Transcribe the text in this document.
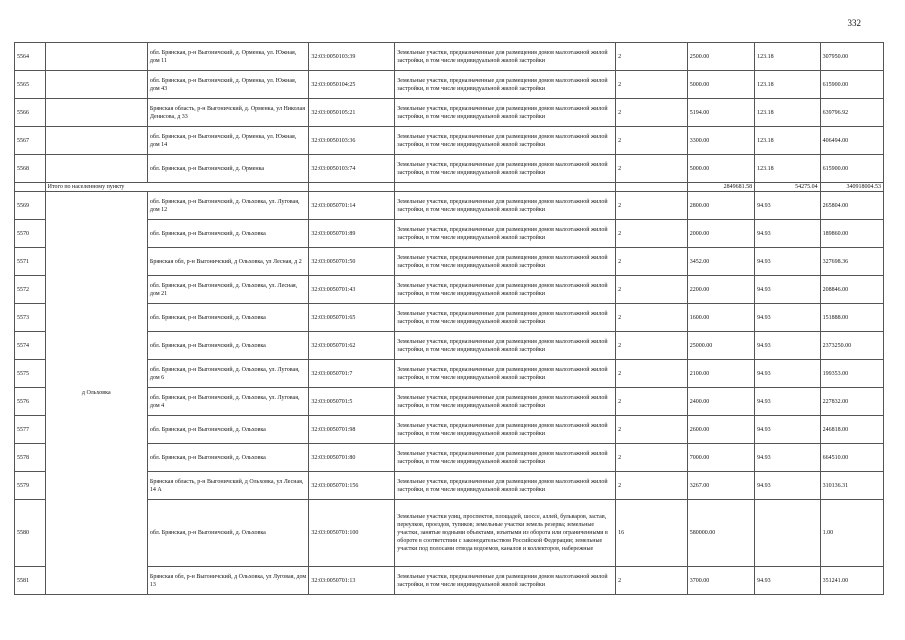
332
5564		обл. Брянская, р-н Выгоничский, д. Орменка, ул. Южная, дом 11	32:03:0050103:39	Земельные участки, предназначенные для размещения домов малоэтажной жилой застройки, в том числе индивидуальной жилой застройки	2	2500.00	123.18	307950.00
5565		обл. Брянская, р-н Выгоничский, д. Орменка, ул. Южная, дом 43	32:03:0050104:25	Земельные участки, предназначенные для размещения домов малоэтажной жилой застройки, в том числе индивидуальной жилой застройки	2	5000.00	123.18	615900.00
5566		Брянская область, р-н Выгоничский, д. Орменка, ул Николая Денисова, д 33	32:03:0050105:21	Земельные участки, предназначенные для размещения домов малоэтажной жилой застройки, в том числе индивидуальной жилой застройки	2	5194.00	123.18	639796.92
5567		обл. Брянская, р-н Выгоничский, д. Орменка, ул. Южная, дом 14	32:03:0050103:36	Земельные участки, предназначенные для размещения домов малоэтажной жилой застройки, в том числе индивидуальной жилой застройки	2	3300.00	123.18	406494.00
5568		обл. Брянская, р-н Выгоничский, д. Орменка	32:03:0050103:74	Земельные участки, предназначенные для размещения домов малоэтажной жилой застройки, в том числе индивидуальной жилой застройки	2	5000.00	123.18	615900.00
	Итого по населенному пункту					2849681.58	54275.04	340918004.53
5569	д Ольховка	обл. Брянская, р-н Выгоничский, д. Ольховка, ул. Луговая, дом 12	32:03:0050701:14	Земельные участки, предназначенные для размещения домов малоэтажной жилой застройки, в том числе индивидуальной жилой застройки	2	2800.00	94.93	265804.00
5570		обл. Брянская, р-н Выгоничский, д. Ольховка	32:03:0050701:89	Земельные участки, предназначенные для размещения домов малоэтажной жилой застройки, в том числе индивидуальной жилой застройки	2	2000.00	94.93	189860.00
5571		Брянская обл, р-н Выгоничский, д Ольховка, ул Лесная, д 2	32:03:0050701:50	Земельные участки, предназначенные для размещения домов малоэтажной жилой застройки, в том числе индивидуальной жилой застройки	2	3452.00	94.93	327698.36
5572		обл. Брянская, р-н Выгоничский, д. Ольховка, ул. Лесная, дом 21	32:03:0050701:43	Земельные участки, предназначенные для размещения домов малоэтажной жилой застройки, в том числе индивидуальной жилой застройки	2	2200.00	94.93	208846.00
5573		обл. Брянская, р-н Выгоничский, д. Ольховка	32:03:0050701:65	Земельные участки, предназначенные для размещения домов малоэтажной жилой застройки, в том числе индивидуальной жилой застройки	2	1600.00	94.93	151888.00
5574		обл. Брянская, р-н Выгоничский, д. Ольховка	32:03:0050701:62	Земельные участки, предназначенные для размещения домов малоэтажной жилой застройки, в том числе индивидуальной жилой застройки	2	25000.00	94.93	2373250.00
5575		обл. Брянская, р-н Выгоничский, д. Ольховка, ул. Луговая, дом 6	32:03:0050701:7	Земельные участки, предназначенные для размещения домов малоэтажной жилой застройки, в том числе индивидуальной жилой застройки	2	2100.00	94.93	199353.00
5576		обл. Брянская, р-н Выгоничский, д. Ольховка, ул. Луговая, дом 4	32:03:0050701:5	Земельные участки, предназначенные для размещения домов малоэтажной жилой застройки, в том числе индивидуальной жилой застройки	2	2400.00	94.93	227832.00
5577		обл. Брянская, р-н Выгоничский, д. Ольховка	32:03:0050701:98	Земельные участки, предназначенные для размещения домов малоэтажной жилой застройки, в том числе индивидуальной жилой застройки	2	2600.00	94.93	246818.00
5578		обл. Брянская, р-н Выгоничский, д. Ольховка	32:03:0050701:80	Земельные участки, предназначенные для размещения домов малоэтажной жилой застройки, в том числе индивидуальной жилой застройки	2	7000.00	94.93	664510.00
5579		Брянская область, р-н Выгоничский, д Ольховка, ул Лесная, 14 А	32:03:0050701:156	Земельные участки, предназначенные для размещения домов малоэтажной жилой застройки, в том числе индивидуальной жилой застройки	2	3267.00	94.93	310136.31
5580		обл. Брянская, р-н Выгоничский, д. Ольховка	32:03:0050701:100	Земельные участки улиц, проспектов, площадей, шоссе, аллей, бульваров, застав, переулков, проездов, тупиков; земельные участки земель резерва; земельные участки, занятые водными объектами, изъятыми из оборота или ограниченными в обороте в соответствии с законодательством Российской Федерации; земельные участки под полосами отвода водоемов, каналов и коллекторов, набережные	16	580000.00		1.00
5581		Брянская обл, р-н Выгоничский, д Ольховка, ул Луговая, дом 13	32:03:0050701:13	Земельные участки, предназначенные для размещения домов малоэтажной жилой застройки, в том числе индивидуальной жилой застройки	2	3700.00	94.93	351241.00
